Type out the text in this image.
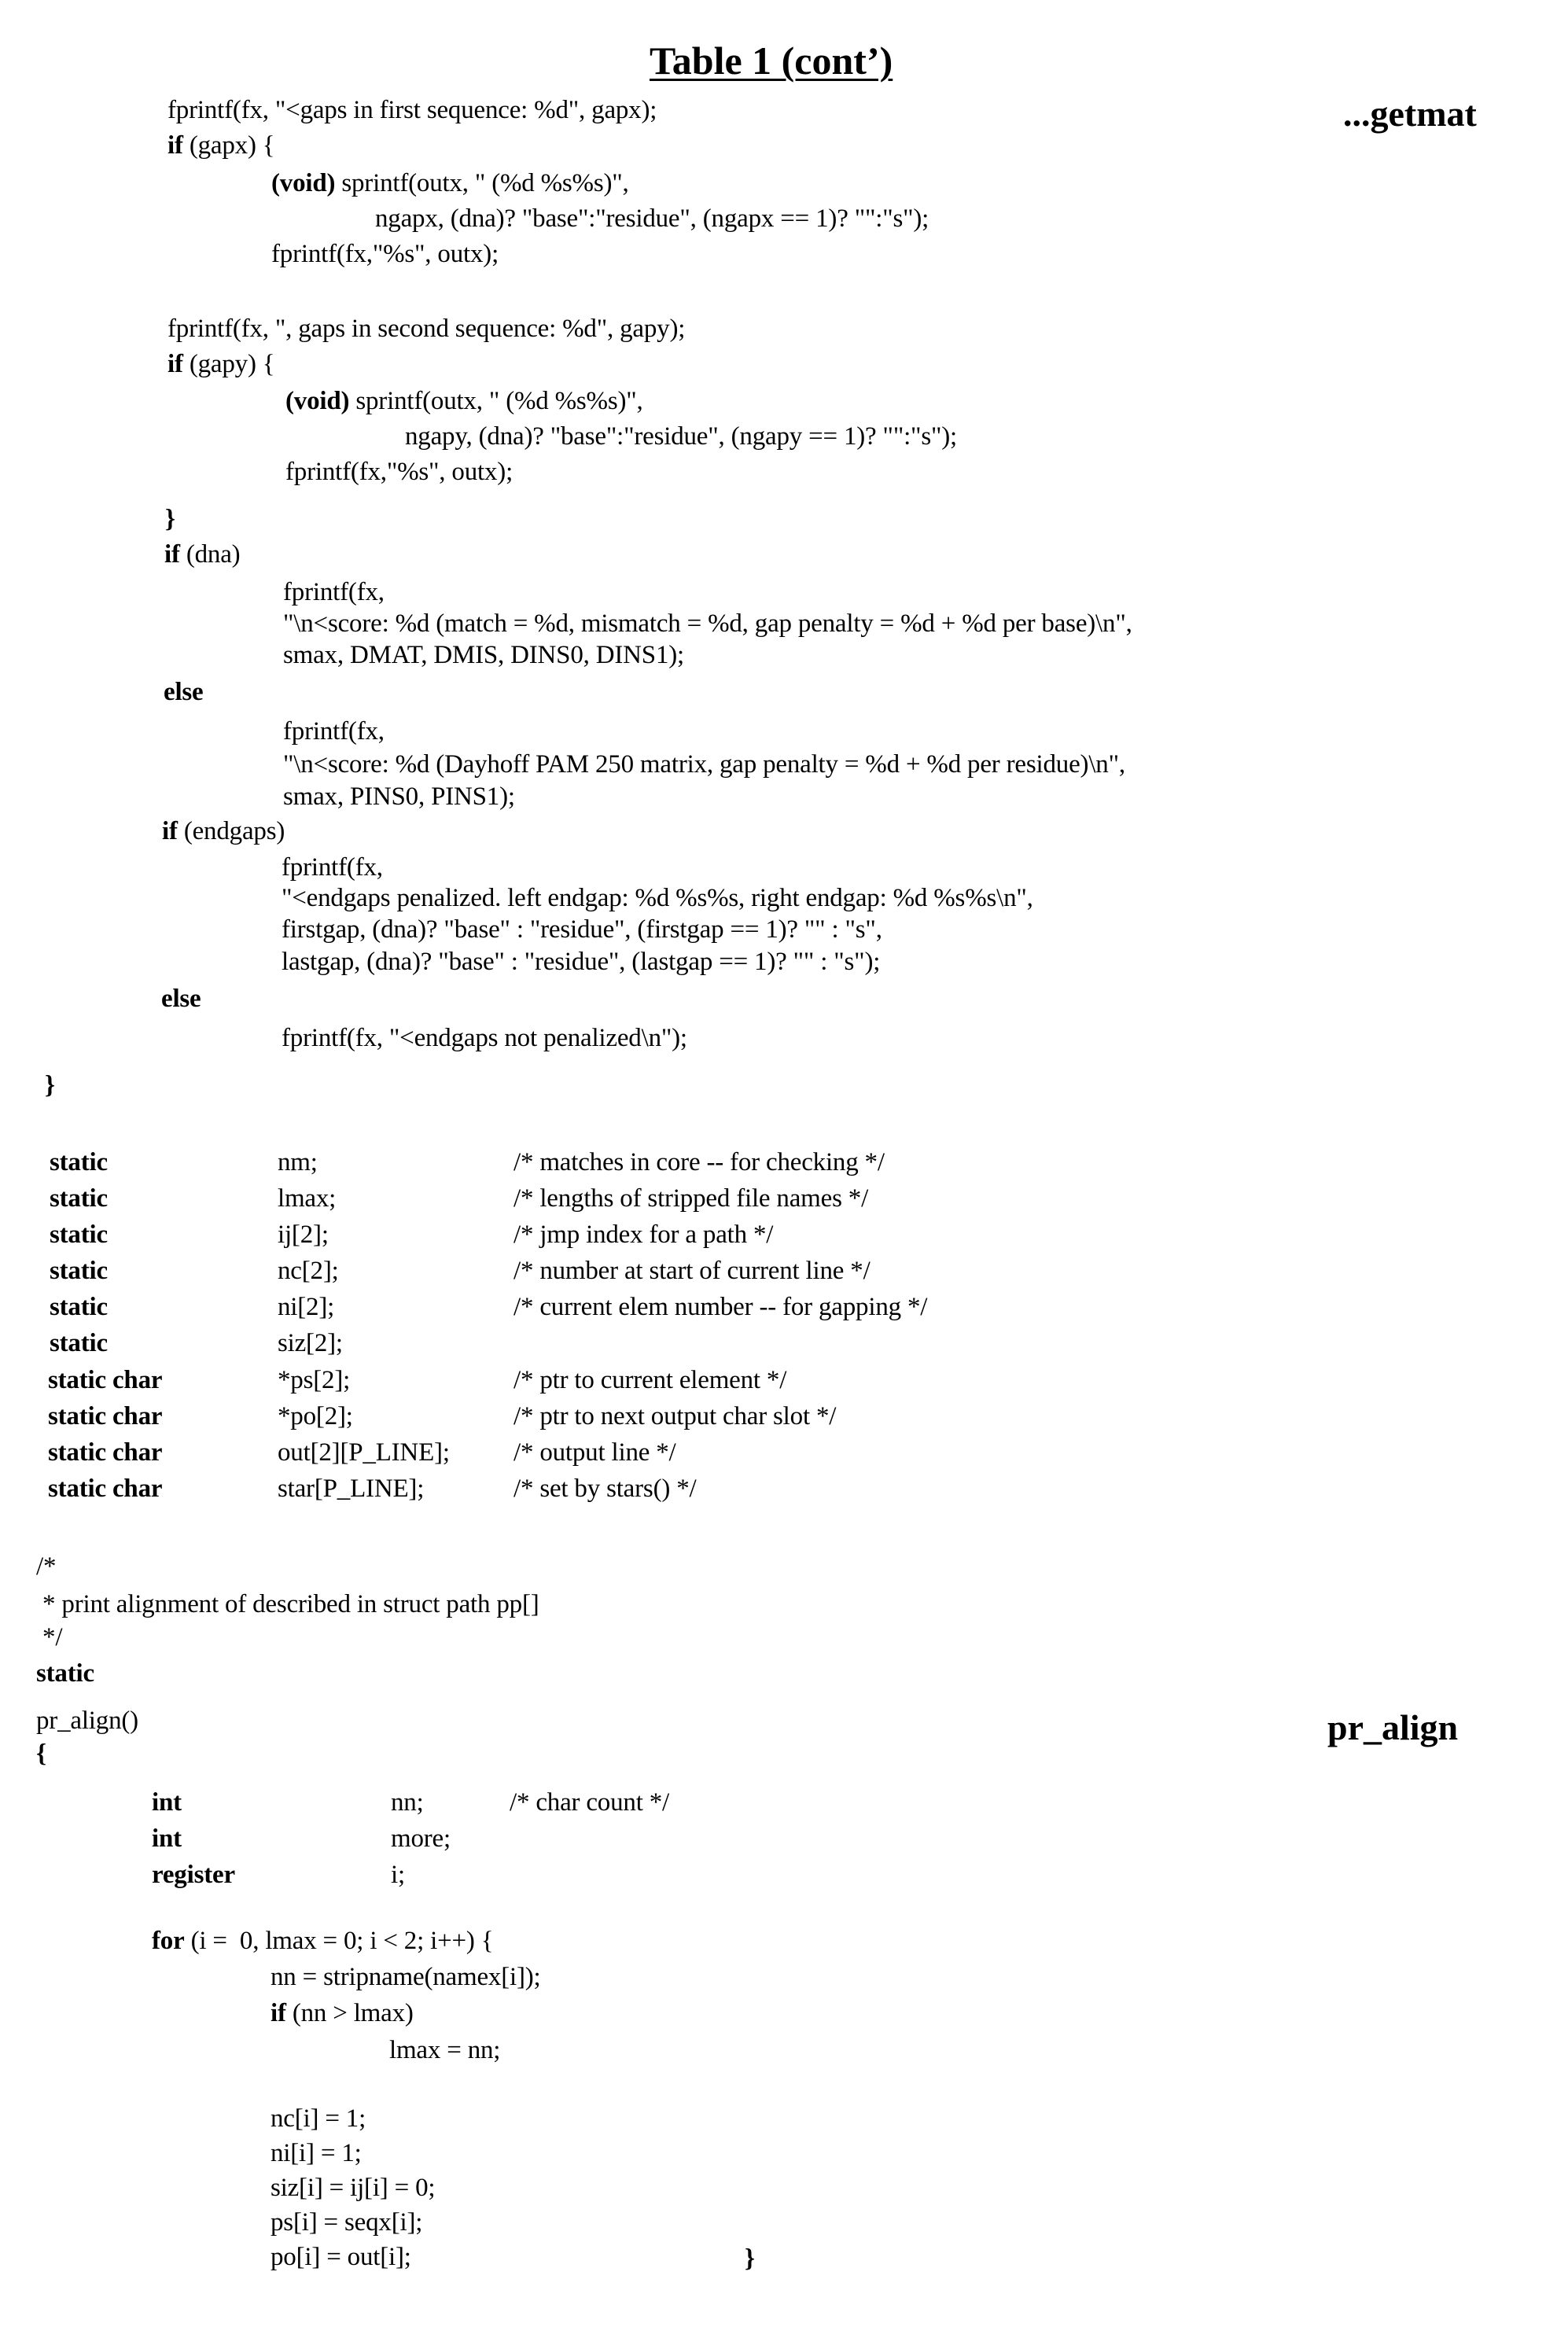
Table 1 (cont’)
...getmat
pr_align
fprintf(fx, "<gaps in first sequence: %d", gapx);
if (gapx) {
(void) sprintf(outx, " (%d %s%s)",
ngapx, (dna)? "base":"residue", (ngapx == 1)? "":"s");
fprintf(fx,"%s", outx);
fprintf(fx, ", gaps in second sequence: %d", gapy);
if (gapy) {
(void) sprintf(outx, " (%d %s%s)",
ngapy, (dna)? "base":"residue", (ngapy == 1)? "":"s");
fprintf(fx,"%s", outx);
}
if (dna)
fprintf(fx,
"\n<score: %d (match = %d, mismatch = %d, gap penalty = %d + %d per base)\n",
smax, DMAT, DMIS, DINS0, DINS1);
else
fprintf(fx,
"\n<score: %d (Dayhoff PAM 250 matrix, gap penalty = %d + %d per residue)\n",
smax, PINS0, PINS1);
if (endgaps)
fprintf(fx,
"<endgaps penalized. left endgap: %d %s%s, right endgap: %d %s%s\n",
firstgap, (dna)? "base" : "residue", (firstgap == 1)? "" : "s",
lastgap, (dna)? "base" : "residue", (lastgap == 1)? "" : "s");
else
fprintf(fx, "<endgaps not penalized\n");
}
static	nm;	/* matches in core -- for checking */
static	lmax;	/* lengths of stripped file names */
static	ij[2];	/* jmp index for a path */
static	nc[2];	/* number at start of current line */
static	ni[2];	/* current elem number -- for gapping */
static	siz[2];
static char	*ps[2];	/* ptr to current element */
static char	*po[2];	/* ptr to next output char slot */
static char	out[2][P_LINE]; /* output line */
static char	star[P_LINE];	/* set by stars() */
/*
* print alignment of described in struct path pp[]
*/
static
pr_align()
{
int	nn;	/* char count */
int	more;
register	i;
for (i =  0, lmax = 0; i < 2; i++) {
nn = stripname(namex[i]);
if (nn > lmax)
lmax = nn;
nc[i] = 1;
ni[i] = 1;
siz[i] = ij[i] = 0;
ps[i] = seqx[i];
po[i] = out[i];	}
